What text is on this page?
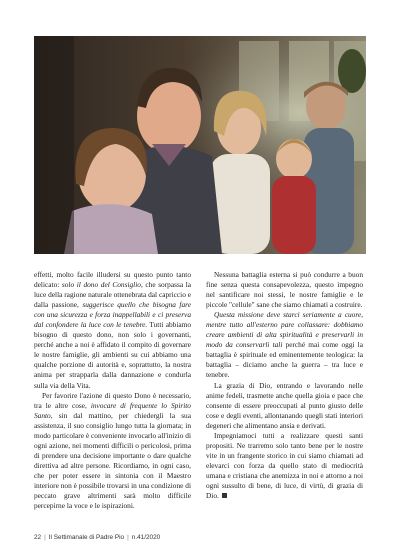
effetti, molto facile illudersi su questo punto tanto delicato: solo il dono del Consiglio, che sorpassa la luce della ragione naturale ottenebrata dal capriccio e dalla passione, suggerisce quello che bisogna fare con una sicurezza e forza inappellabili e ci preserva dal confondere la luce con le tenebre. Tutti abbiamo bisogno di questo dono, non solo i governanti, perché anche a noi è affidato il compito di governare le nostre famiglie, gli ambienti su cui abbiamo una qualche porzione di autorità e, soprattutto, la nostra anima per strapparla dalla dannazione e condurla sulla via della Vita.

Per favorire l'azione di questo Dono è necessario, tra le altre cose, invocare di frequente lo Spirito Santo, sin dal mattino, per chiedergli la sua assistenza, il suo consiglio lungo tutta la giornata; in modo particolare è conveniente invocarlo all'inizio di ogni azione, nei momenti difficili o pericolosi, prima di prendere una decisione importante o dare qualche direttiva ad altre persone. Ricordiamo, in ogni caso, che per poter essere in sintonia con il Maestro interiore non è possibile trovarsi in una condizione di peccato grave altrimenti sarà molto difficile percepirne la voce e le ispirazioni.

Nessuna battaglia esterna si può condurre a buon fine senza questa consapevolezza, questo impegno nel santificare noi stessi, le nostre famiglie e le piccole "cellule" sane che siamo chiamati a costruire.

Questa missione deve starci seriamente a cuore, mentre tutto all'esterno pare collassare: dobbiamo creare ambienti di alta spiritualità e preservarli in modo da conservarli tali perché mai come oggi la battaglia è spirituale ed eminentemente teologica: la battaglia – diciamo anche la guerra – tra luce e tenebre.

La grazia di Dio, entrando e lavorando nelle anime fedeli, trasmette anche quella gioia e pace che consente di essere preoccupati al punto giusto delle cose e degli eventi, allontanando quegli stati interiori degeneri che alimentano ansia e derivati.

Impegniamoci tutti a realizzare questi santi propositi. Ne trarremo solo tanto bene per le nostre vite in un frangente storico in cui siamo chiamati ad elevarci con forza da quello stato di mediocrità umana e cristiana che anemizza in noi e attorno a noi ogni sussulto di bene, di luce, di virtù, di grazia di Dio.

22 | Il Settimanale di Padre Pio | n.41/2020
